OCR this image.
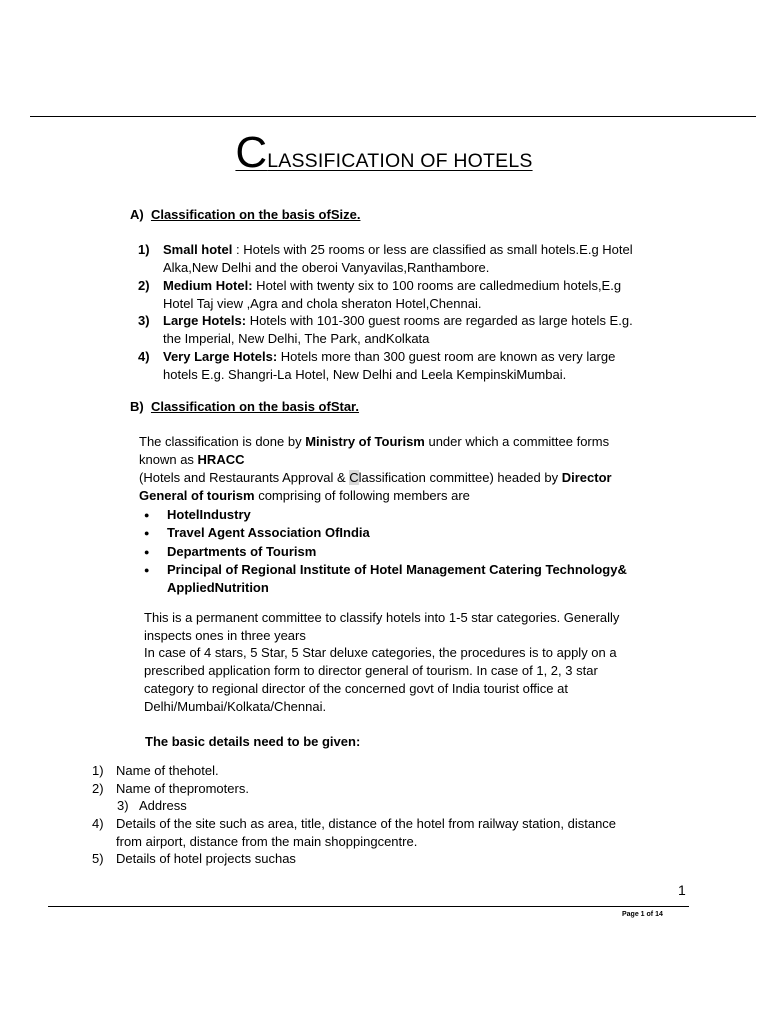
CLASSIFICATION OF HOTELS
A) Classification on the basis ofSize.
1) Small hotel : Hotels with 25 rooms or less are classified as small hotels.E.g Hotel
Alka,New Delhi and the oberoi Vanyavilas,Ranthambore.
2) Medium Hotel: Hotel with twenty six to 100 rooms are calledmedium hotels,E.g
Hotel Taj view ,Agra and chola sheraton Hotel,Chennai.
3) Large Hotels: Hotels with 101-300 guest rooms are regarded as large hotels E.g.
the Imperial, New Delhi, The Park, andKolkata
4) Very Large Hotels: Hotels more than 300 guest room are known as very large
hotels E.g. Shangri-La Hotel, New Delhi and Leela KempinskiMumbai.
B) Classification on the basis ofStar.
The classification is done by Ministry of Tourism under which a committee forms
known as HRACC
(Hotels and Restaurants Approval & Classification committee) headed by Director
General of tourism comprising of following members are
● HotelIndustry
● Travel Agent Association OfIndia
● Departments of Tourism
● Principal of Regional Institute of Hotel Management Catering Technology&
AppliedNutrition
This is a permanent committee to classify hotels into 1-5 star categories. Generally
inspects ones in three years
In case of 4 stars, 5 Star, 5 Star deluxe categories, the procedures is to apply on a
prescribed application form to director general of tourism. In case of 1, 2, 3 star
category to regional director of the concerned govt of India tourist office at
Delhi/Mumbai/Kolkata/Chennai.
The basic details need to be given:
1) Name of thehotel.
2) Name of thepromoters.
3) Address
4) Details of the site such as area, title, distance of the hotel from railway station, distance
from airport, distance from the main shoppingcentre.
5) Details of hotel projects suchas
1
Page 1 of 14
